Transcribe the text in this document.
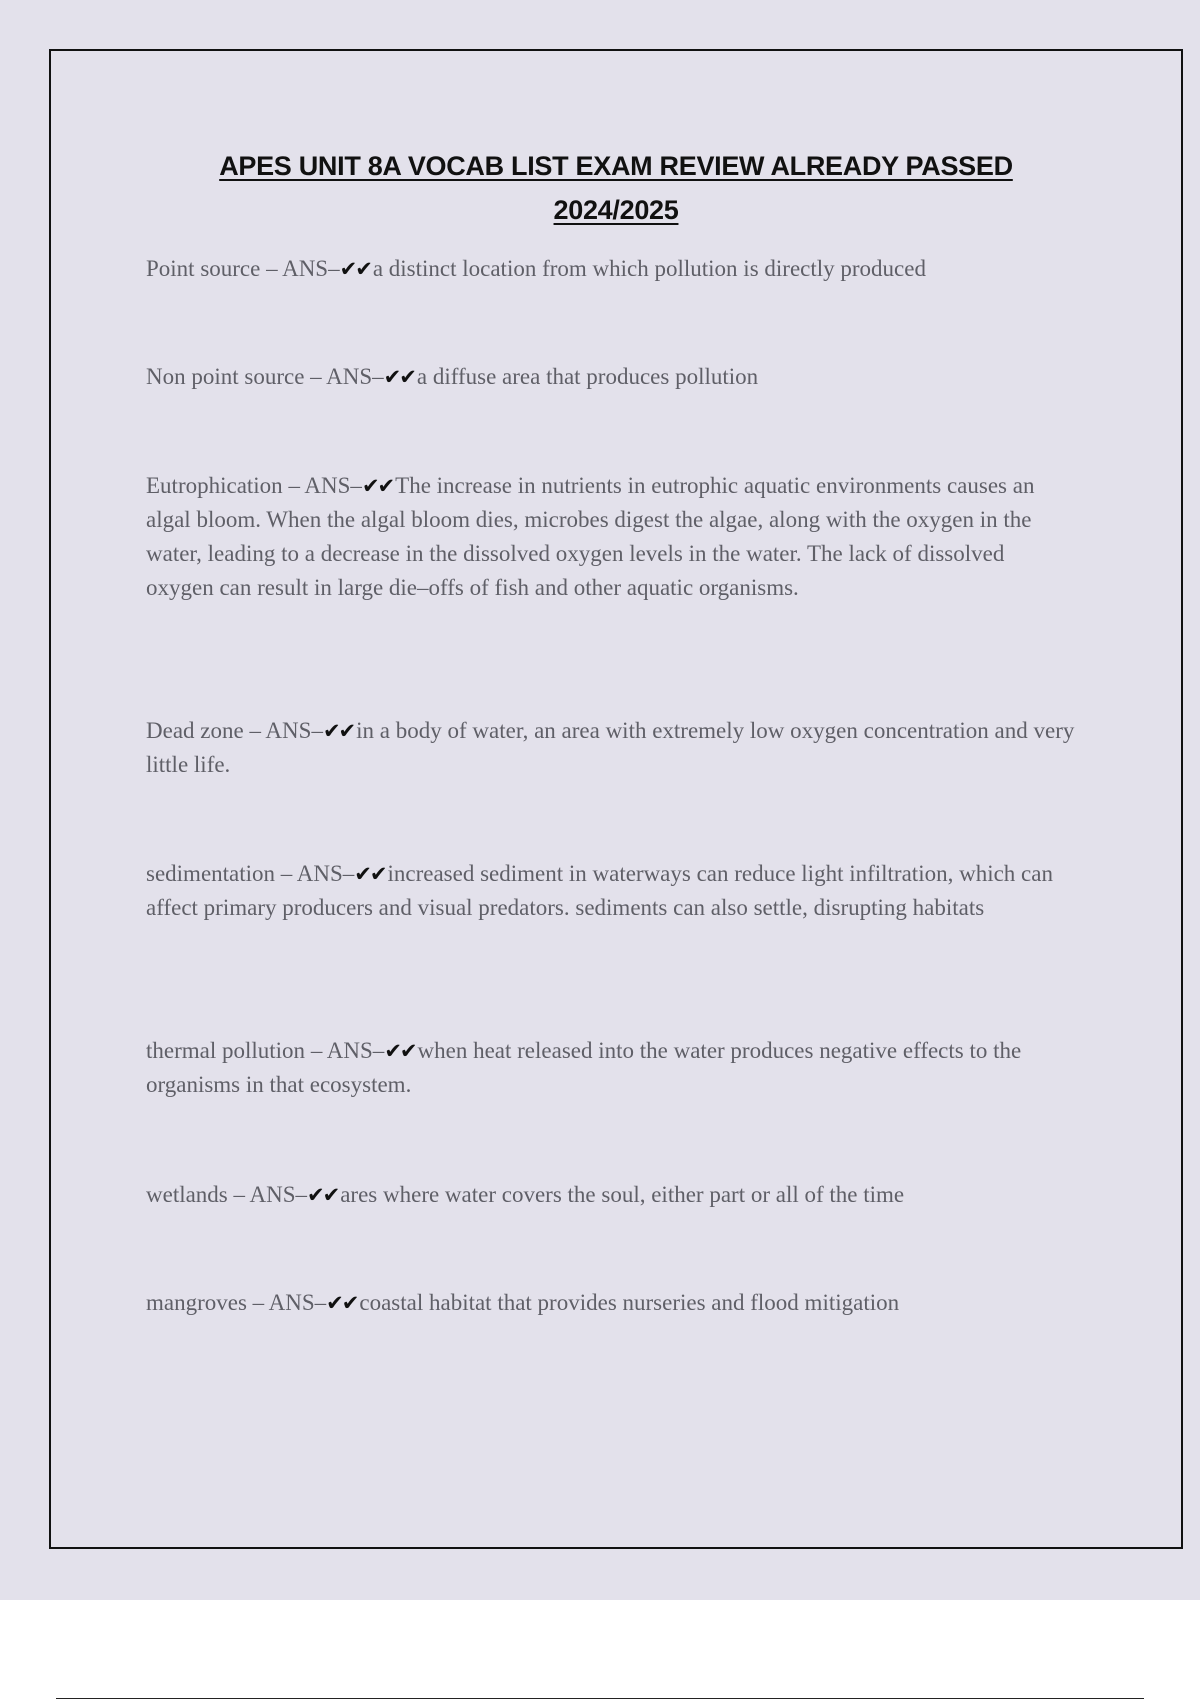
APES UNIT 8A VOCAB LIST EXAM REVIEW ALREADY PASSED
2024/2025
Point source – ANS–✔✔a distinct location from which pollution is directly produced
Non point source – ANS–✔✔a diffuse area that produces pollution
Eutrophication – ANS–✔✔The increase in nutrients in eutrophic aquatic environments causes an algal bloom. When the algal bloom dies, microbes digest the algae, along with the oxygen in the water, leading to a decrease in the dissolved oxygen levels in the water. The lack of dissolved oxygen can result in large die–offs of fish and other aquatic organisms.
Dead zone – ANS–✔✔in a body of water, an area with extremely low oxygen concentration and very little life.
sedimentation – ANS–✔✔increased sediment in waterways can reduce light infiltration, which can affect primary producers and visual predators. sediments can also settle, disrupting habitats
thermal pollution – ANS–✔✔when heat released into the water produces negative effects to the organisms in that ecosystem.
wetlands – ANS–✔✔ares where water covers the soul, either part or all of the time
mangroves – ANS–✔✔coastal habitat that provides nurseries and flood mitigation
